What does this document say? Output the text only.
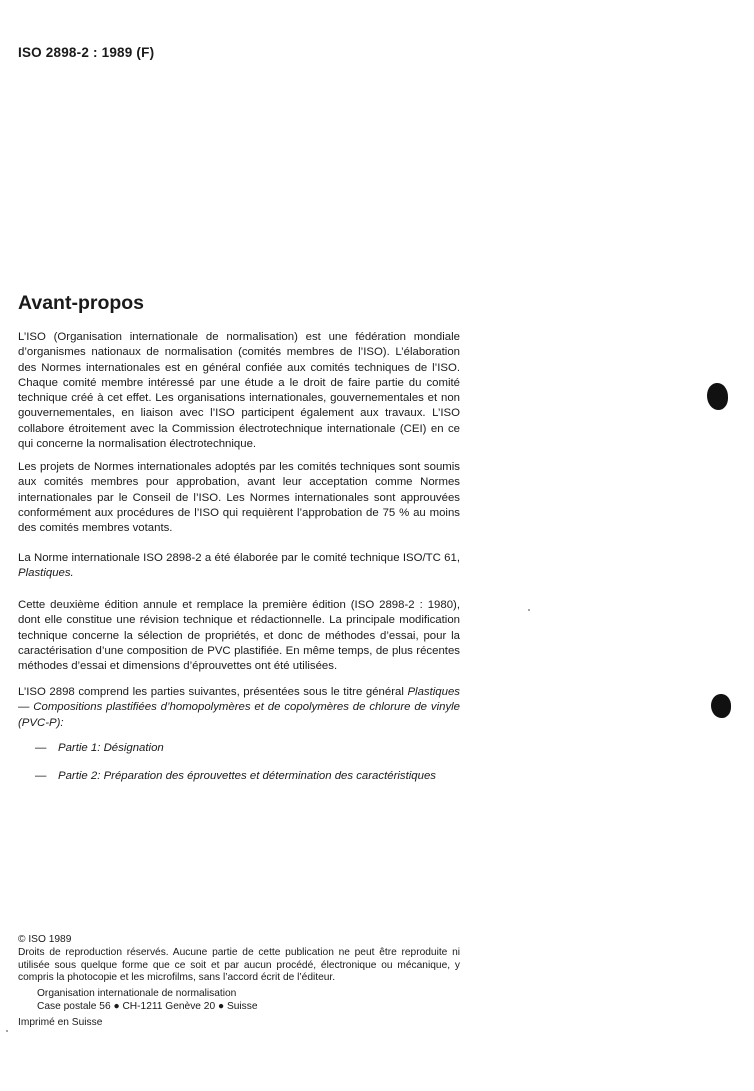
ISO 2898-2 : 1989 (F)
Avant-propos

L’ISO (Organisation internationale de normalisation) est une fédération mondiale d’organismes nationaux de normalisation (comités membres de l’ISO). L’élaboration des Normes internationales est en général confiée aux comités techniques de l’ISO. Chaque comité membre intéressé par une étude a le droit de faire partie du comité technique créé à cet effet. Les organisations internationales, gouvernementales et non gouvernementales, en liaison avec l’ISO participent également aux travaux. L’ISO collabore étroitement avec la Commission électrotechnique internationale (CEI) en ce qui concerne la normalisation électrotechnique.

Les projets de Normes internationales adoptés par les comités techniques sont soumis aux comités membres pour approbation, avant leur acceptation comme Normes internationales par le Conseil de l’ISO. Les Normes internationales sont approuvées conformément aux procédures de l’ISO qui requièrent l’approbation de 75 % au moins des comités membres votants.

La Norme internationale ISO 2898-2 a été élaborée par le comité technique ISO/TC 61, Plastiques.

Cette deuxième édition annule et remplace la première édition (ISO 2898-2 : 1980), dont elle constitue une révision technique et rédactionnelle. La principale modification technique concerne la sélection de propriétés, et donc de méthodes d’essai, pour la caractérisation d’une composition de PVC plastifiée. En même temps, de plus récentes méthodes d’essai et dimensions d’éprouvettes ont été utilisées.

L’ISO 2898 comprend les parties suivantes, présentées sous le titre général Plastiques — Compositions plastifiées d’homopolymères et de copolymères de chlorure de vinyle (PVC-P):

— Partie 1: Désignation
— Partie 2: Préparation des éprouvettes et détermination des caractéristiques
© ISO 1989

Droits de reproduction réservés. Aucune partie de cette publication ne peut être reproduite ni utilisée sous quelque forme que ce soit et par aucun procédé, électronique ou mécanique, y compris la photocopie et les microfilms, sans l’accord écrit de l’éditeur.

Organisation internationale de normalisation
Case postale 56 ● CH-1211 Genève 20 ● Suisse
Imprimé en Suisse
